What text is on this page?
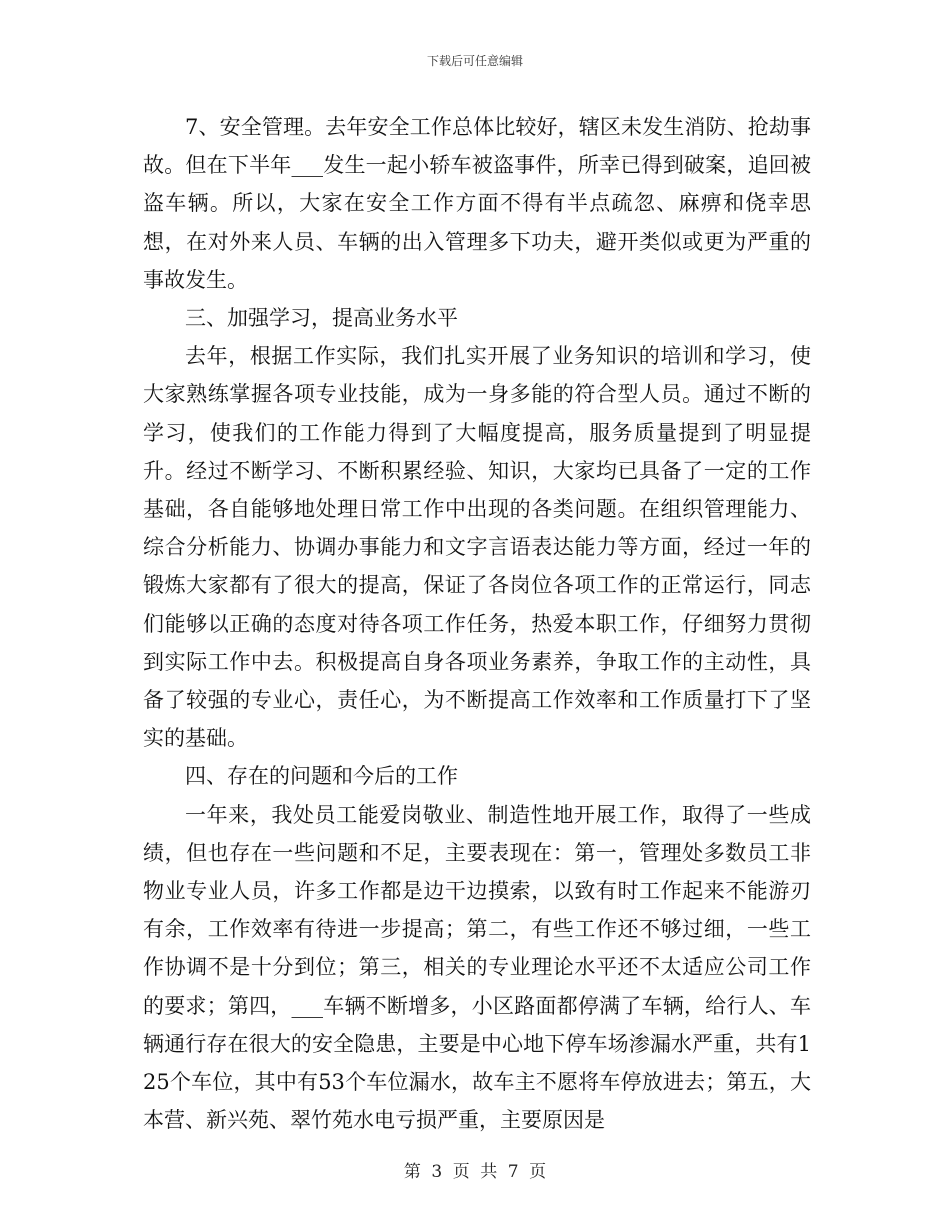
下载后可任意编辑

7、安全管理。去年安全工作总体比较好，辖区未发生消防、抢劫事故。但在下半年___发生一起小轿车被盗事件，所幸已得到破案，追回被盗车辆。所以，大家在安全工作方面不得有半点疏忽、麻痹和侥幸思想，在对外来人员、车辆的出入管理多下功夫，避开类似或更为严重的事故发生。

三、加强学习，提高业务水平

去年，根据工作实际，我们扎实开展了业务知识的培训和学习，使大家熟练掌握各项专业技能，成为一身多能的符合型人员。通过不断的学习，使我们的工作能力得到了大幅度提高，服务质量提到了明显提升。经过不断学习、不断积累经验、知识，大家均已具备了一定的工作基础，各自能够地处理日常工作中出现的各类问题。在组织管理能力、综合分析能力、协调办事能力和文字言语表达能力等方面，经过一年的锻炼大家都有了很大的提高，保证了各岗位各项工作的正常运行，同志们能够以正确的态度对待各项工作任务，热爱本职工作，仔细努力贯彻到实际工作中去。积极提高自身各项业务素养，争取工作的主动性，具备了较强的专业心，责任心，为不断提高工作效率和工作质量打下了坚实的基础。

四、存在的问题和今后的工作

一年来，我处员工能爱岗敬业、制造性地开展工作，取得了一些成绩，但也存在一些问题和不足，主要表现在：第一，管理处多数员工非物业专业人员，许多工作都是边干边摸索，以致有时工作起来不能游刃有余，工作效率有待进一步提高；第二，有些工作还不够过细，一些工作协调不是十分到位；第三，相关的专业理论水平还不太适应公司工作的要求；第四，___车辆不断增多，小区路面都停满了车辆，给行人、车辆通行存在很大的安全隐患，主要是中心地下停车场渗漏水严重，共有125个车位，其中有53个车位漏水，故车主不愿将车停放进去；第五，大本营、新兴苑、翠竹苑水电亏损严重，主要原因是

第 3 页 共 7 页
